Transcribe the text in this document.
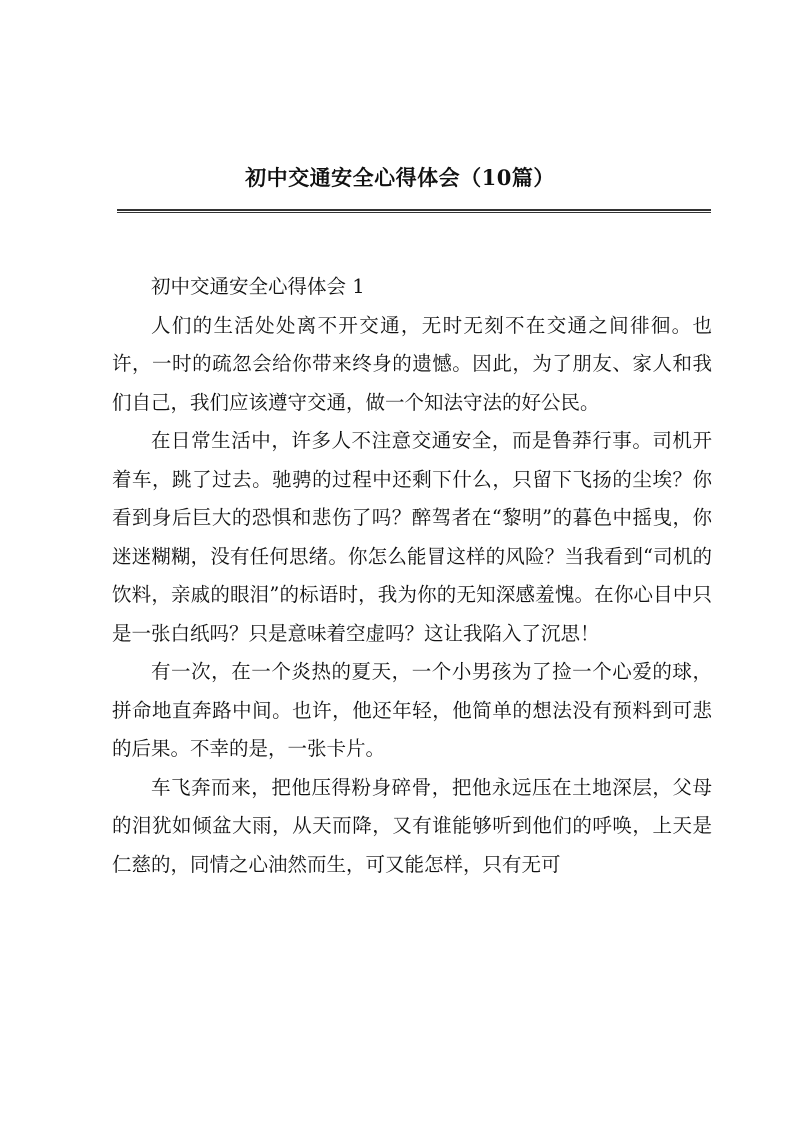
初中交通安全心得体会（10篇）

初中交通安全心得体会 1

人们的生活处处离不开交通，无时无刻不在交通之间徘徊。也许，一时的疏忽会给你带来终身的遗憾。因此，为了朋友、家人和我们自己，我们应该遵守交通，做一个知法守法的好公民。

在日常生活中，许多人不注意交通安全，而是鲁莽行事。司机开着车，跳了过去。驰骋的过程中还剩下什么，只留下飞扬的尘埃？你看到身后巨大的恐惧和悲伤了吗？醉驾者在“黎明”的暮色中摇曳，你迷迷糊糊，没有任何思绪。你怎么能冒这样的风险？当我看到“司机的饮料，亲戚的眼泪”的标语时，我为你的无知深感羞愧。在你心目中只是一张白纸吗？只是意味着空虚吗？这让我陷入了沉思！

有一次，在一个炎热的夏天，一个小男孩为了捡一个心爱的球，拼命地直奔路中间。也许，他还年轻，他简单的想法没有预料到可悲的后果。不幸的是，一张卡片。

车飞奔而来，把他压得粉身碎骨，把他永远压在土地深层，父母的泪犹如倾盆大雨，从天而降，又有谁能够听到他们的呼唤，上天是仁慈的，同情之心油然而生，可又能怎样，只有无可
